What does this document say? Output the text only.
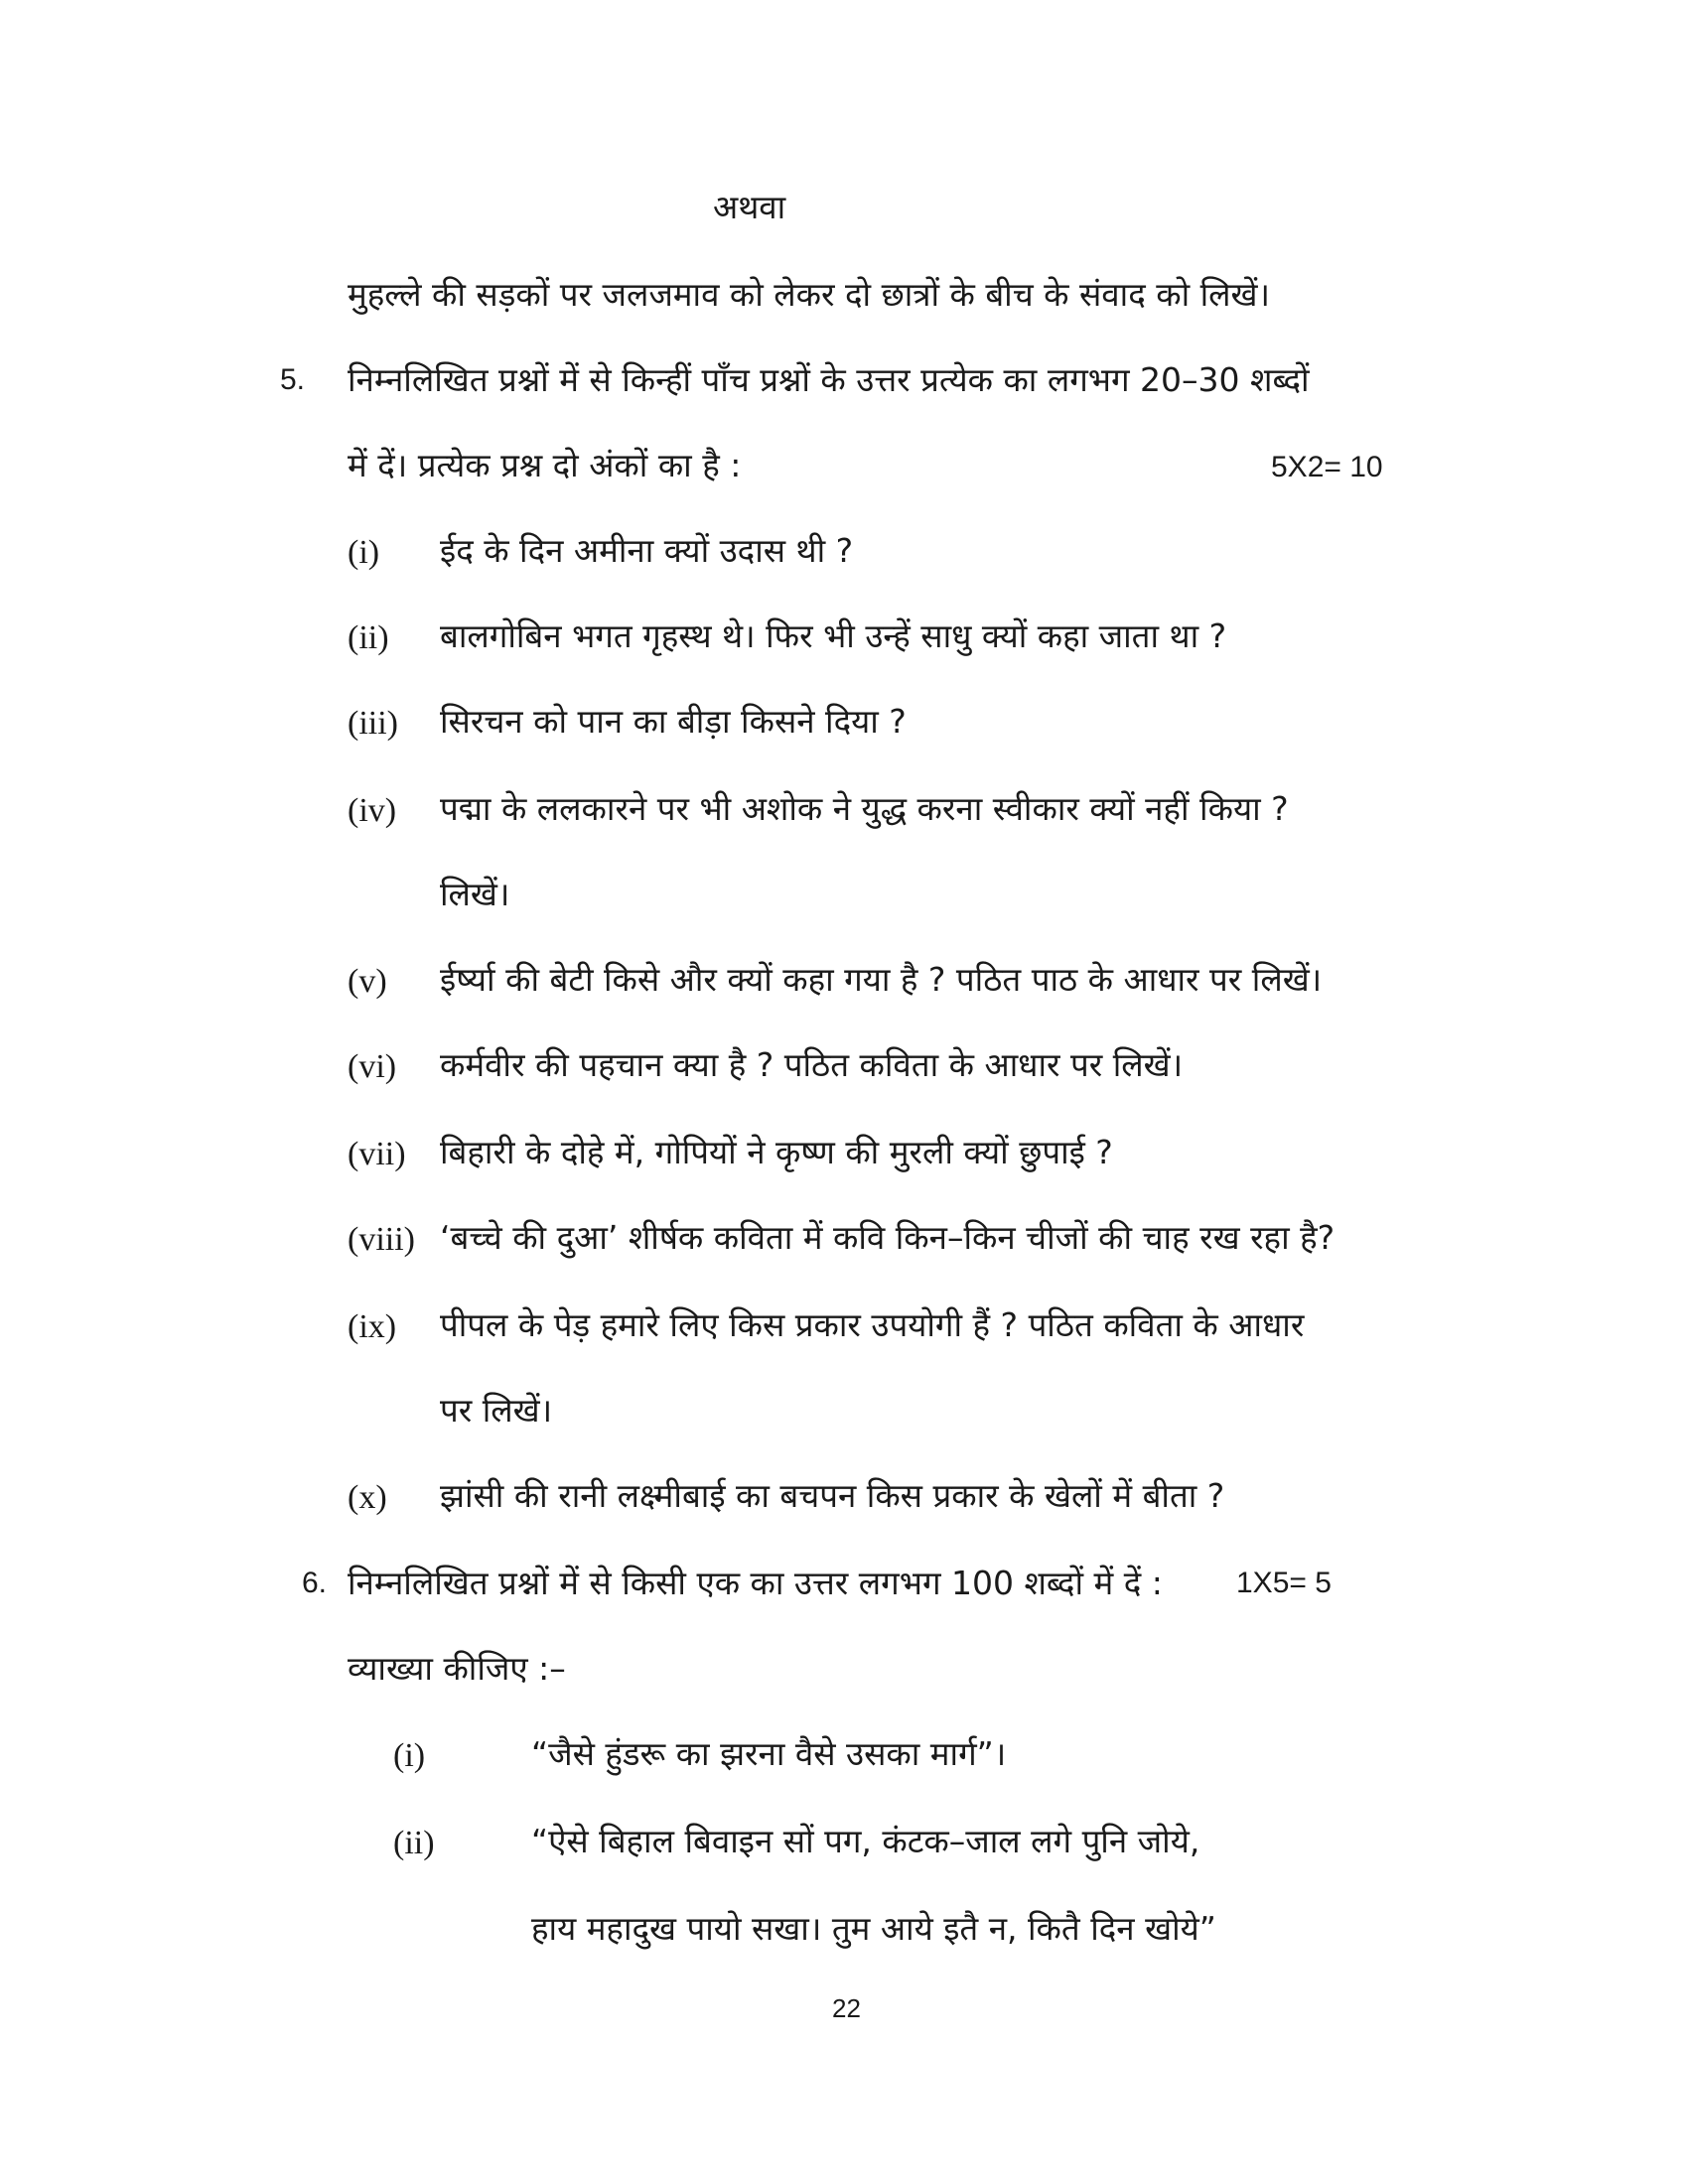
अथवा
मुहल्ले की सड़कों पर जलजमाव को लेकर दो छात्रों के बीच के संवाद को लिखें।
5. निम्नलिखित प्रश्नों में से किन्हीं पाँच प्रश्नों के उत्तर प्रत्येक का लगभग 20–30 शब्दों
में दें। प्रत्येक प्रश्न दो अंकों का है :	5X2= 10
(i) ईद के दिन अमीना क्यों उदास थी ?
(ii) बालगोबिन भगत गृहस्थ थे। फिर भी उन्हें साधु क्यों कहा जाता था ?
(iii) सिरचन को पान का बीड़ा किसने दिया ?
(iv) पद्मा के ललकारने पर भी अशोक ने युद्ध करना स्वीकार क्यों नहीं किया ?
लिखें।
(v) ईर्ष्या की बेटी किसे और क्यों कहा गया है ? पठित पाठ के आधार पर लिखें।
(vi) कर्मवीर की पहचान क्या है ? पठित कविता के आधार पर लिखें।
(vii) बिहारी के दोहे में, गोपियों ने कृष्ण की मुरली क्यों छुपाई ?
(viii) ‘बच्चे की दुआ’ शीर्षक कविता में कवि किन–किन चीजों की चाह रख रहा है?
(ix) पीपल के पेड़ हमारे लिए किस प्रकार उपयोगी हैं ? पठित कविता के आधार
पर लिखें।
(x) झांसी की रानी लक्ष्मीबाई का बचपन किस प्रकार के खेलों में बीता ?
6. निम्नलिखित प्रश्नों में से किसी एक का उत्तर लगभग 100 शब्दों में दें : 1X5= 5
व्याख्या कीजिए :–
(i)	“जैसे हुंडरू का झरना वैसे उसका मार्ग”।
(ii)	“ऐसे बिहाल बिवाइन सों पग, कंटक–जाल लगे पुनि जोये,
हाय महादुख पायो सखा। तुम आये इतै न, कितै दिन खोये”
22
